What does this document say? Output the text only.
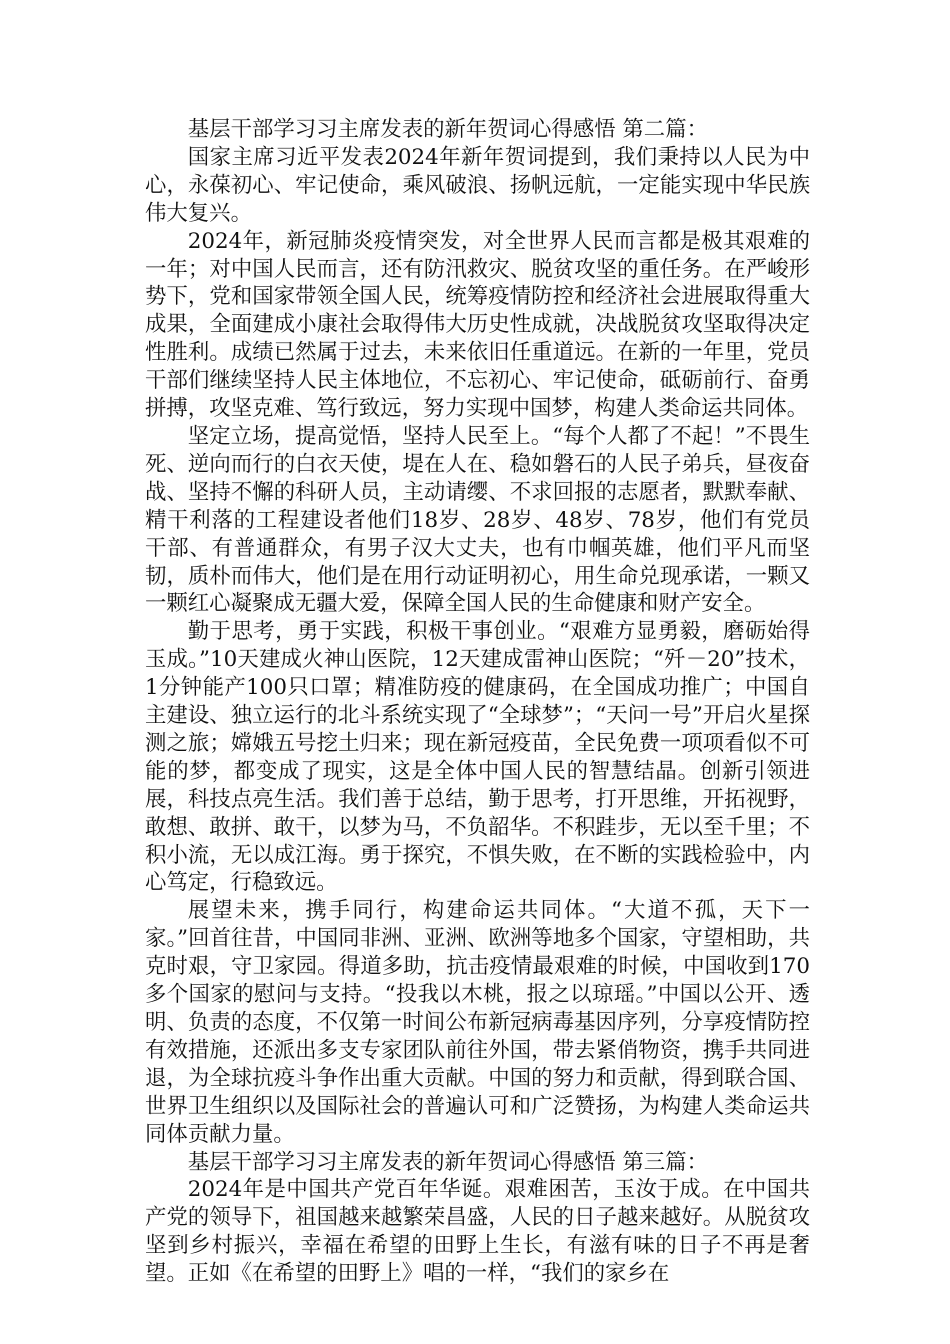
基层干部学习习主席发表的新年贺词心得感悟 第二篇：

国家主席习近平发表2024年新年贺词提到，我们秉持以人民为中心，永葆初心、牢记使命，乘风破浪、扬帆远航，一定能实现中华民族伟大复兴。

2024年，新冠肺炎疫情突发，对全世界人民而言都是极其艰难的一年；对中国人民而言，还有防汛救灾、脱贫攻坚的重任务。在严峻形势下，党和国家带领全国人民，统筹疫情防控和经济社会进展取得重大成果，全面建成小康社会取得伟大历史性成就，决战脱贫攻坚取得决定性胜利。成绩已然属于过去，未来依旧任重道远。在新的一年里，党员干部们继续坚持人民主体地位，不忘初心、牢记使命，砥砺前行、奋勇拼搏，攻坚克难、笃行致远，努力实现中国梦，构建人类命运共同体。

坚定立场，提高觉悟，坚持人民至上。“每个人都了不起！”不畏生死、逆向而行的白衣天使，堤在人在、稳如磐石的人民子弟兵，昼夜奋战、坚持不懈的科研人员，主动请缨、不求回报的志愿者，默默奉献、精干利落的工程建设者他们18岁、28岁、48岁、78岁，他们有党员干部、有普通群众，有男子汉大丈夫，也有巾帼英雄，他们平凡而坚韧，质朴而伟大，他们是在用行动证明初心，用生命兑现承诺，一颗又一颗红心凝聚成无疆大爱，保障全国人民的生命健康和财产安全。

勤于思考，勇于实践，积极干事创业。“艰难方显勇毅，磨砺始得玉成。”10天建成火神山医院，12天建成雷神山医院；“歼－20”技术，1分钟能产100只口罩；精准防疫的健康码，在全国成功推广；中国自主建设、独立运行的北斗系统实现了“全球梦”；“天问一号”开启火星探测之旅；嫦娥五号挖土归来；现在新冠疫苗，全民免费一项项看似不可能的梦，都变成了现实，这是全体中国人民的智慧结晶。创新引领进展，科技点亮生活。我们善于总结，勤于思考，打开思维，开拓视野，敢想、敢拼、敢干，以梦为马，不负韶华。不积跬步，无以至千里；不积小流，无以成江海。勇于探究，不惧失败，在不断的实践检验中，内心笃定，行稳致远。

展望未来，携手同行，构建命运共同体。“大道不孤，天下一家。”回首往昔，中国同非洲、亚洲、欧洲等地多个国家，守望相助，共克时艰，守卫家园。得道多助，抗击疫情最艰难的时候，中国收到170多个国家的慰问与支持。“投我以木桃，报之以琼瑶。”中国以公开、透明、负责的态度，不仅第一时间公布新冠病毒基因序列，分享疫情防控有效措施，还派出多支专家团队前往外国，带去紧俏物资，携手共同进退，为全球抗疫斗争作出重大贡献。中国的努力和贡献，得到联合国、世界卫生组织以及国际社会的普遍认可和广泛赞扬，为构建人类命运共同体贡献力量。

基层干部学习习主席发表的新年贺词心得感悟 第三篇：

2024年是中国共产党百年华诞。艰难困苦，玉汝于成。在中国共产党的领导下，祖国越来越繁荣昌盛，人民的日子越来越好。从脱贫攻坚到乡村振兴，幸福在希望的田野上生长，有滋有味的日子不再是奢望。正如《在希望的田野上》唱的一样，“我们的家乡在
